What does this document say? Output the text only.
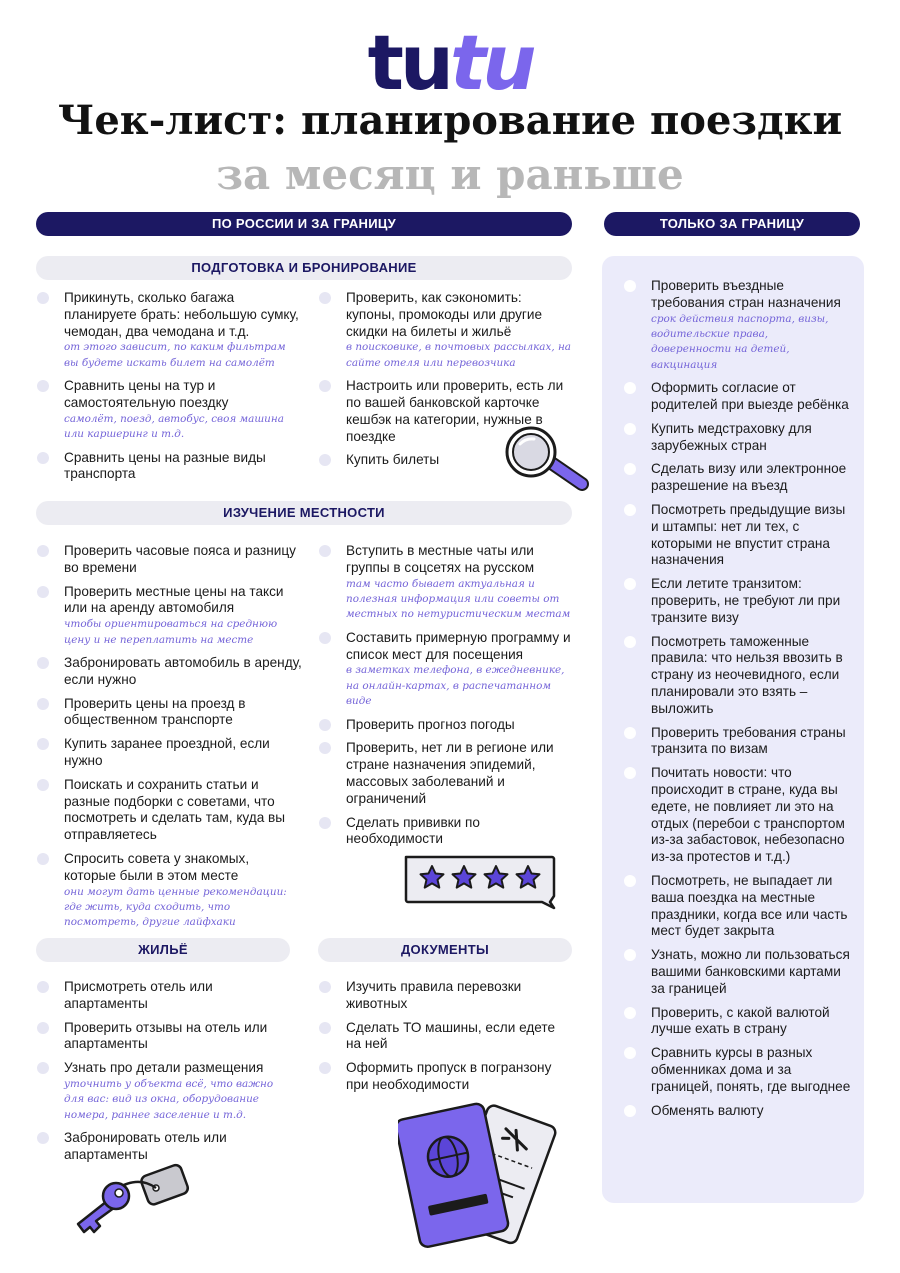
tutu
Чек-лист: планирование поездки
за месяц и раньше
ПО РОССИИ И ЗА ГРАНИЦУ	ТОЛЬКО ЗА ГРАНИЦУ
ПОДГОТОВКА И БРОНИРОВАНИЕ
Прикинуть, сколько багажа планируете брать: небольшую сумку, чемодан, два чемодана и т.д.
от этого зависит, по каким фильтрам вы будете искать билет на самолёт
Сравнить цены на тур и самостоятельную поездку
самолёт, поезд, автобус, своя машина или каршеринг и т.д.
Сравнить цены на разные виды транспорта
Проверить, как сэкономить: купоны, промокоды или другие скидки на билеты и жильё
в поисковике, в почтовых рассылках, на сайте отеля или перевозчика
Настроить или проверить, есть ли по вашей банковской карточке кешбэк на категории, нужные в поездке
Купить билеты
ИЗУЧЕНИЕ МЕСТНОСТИ
Проверить часовые пояса и разницу во времени
Проверить местные цены на такси или на аренду автомобиля
чтобы ориентироваться на среднюю цену и не переплатить на месте
Забронировать автомобиль в аренду, если нужно
Проверить цены на проезд в общественном транспорте
Купить заранее проездной, если нужно
Поискать и сохранить статьи и разные подборки с советами, что посмотреть и сделать там, куда вы отправляетесь
Спросить совета у знакомых, которые были в этом месте
они могут дать ценные рекомендации: где жить, куда сходить, что посмотреть, другие лайфхаки
Вступить в местные чаты или группы в соцсетях на русском
там часто бывает актуальная и полезная информация или советы от местных по нетуристическим местам
Составить примерную программу и список мест для посещения
в заметках телефона, в ежедневнике, на онлайн-картах, в распечатанном виде
Проверить прогноз погоды
Проверить, нет ли в регионе или стране назначения эпидемий, массовых заболеваний и ограничений
Сделать прививки по необходимости
ЖИЛЬЁ	ДОКУМЕНТЫ
Присмотреть отель или апартаменты
Проверить отзывы на отель или апартаменты
Узнать про детали размещения
уточнить у объекта всё, что важно для вас: вид из окна, оборудование номера, раннее заселение и т.д.
Забронировать отель или апартаменты
Изучить правила перевозки животных
Сделать ТО машины, если едете на ней
Оформить пропуск в погранзону при необходимости
Проверить въездные требования стран назначения
срок действия паспорта, визы, водительские права, доверенности на детей, вакцинация
Оформить согласие от родителей при выезде ребёнка
Купить медстраховку для зарубежных стран
Сделать визу или электронное разрешение на въезд
Посмотреть предыдущие визы и штампы: нет ли тех, с которыми не впустит страна назначения
Если летите транзитом: проверить, не требуют ли при транзите визу
Посмотреть таможенные правила: что нельзя ввозить в страну из неочевидного, если планировали это взять – выложить
Проверить требования страны транзита по визам
Почитать новости: что происходит в стране, куда вы едете, не повлияет ли это на отдых (перебои с транспортом из-за забастовок, небезопасно из-за протестов и т.д.)
Посмотреть, не выпадает ли ваша поездка на местные праздники, когда все или часть мест будет закрыта
Узнать, можно ли пользоваться вашими банковскими картами за границей
Проверить, с какой валютой лучше ехать в страну
Сравнить курсы в разных обменниках дома и за границей, понять, где выгоднее
Обменять валюту
